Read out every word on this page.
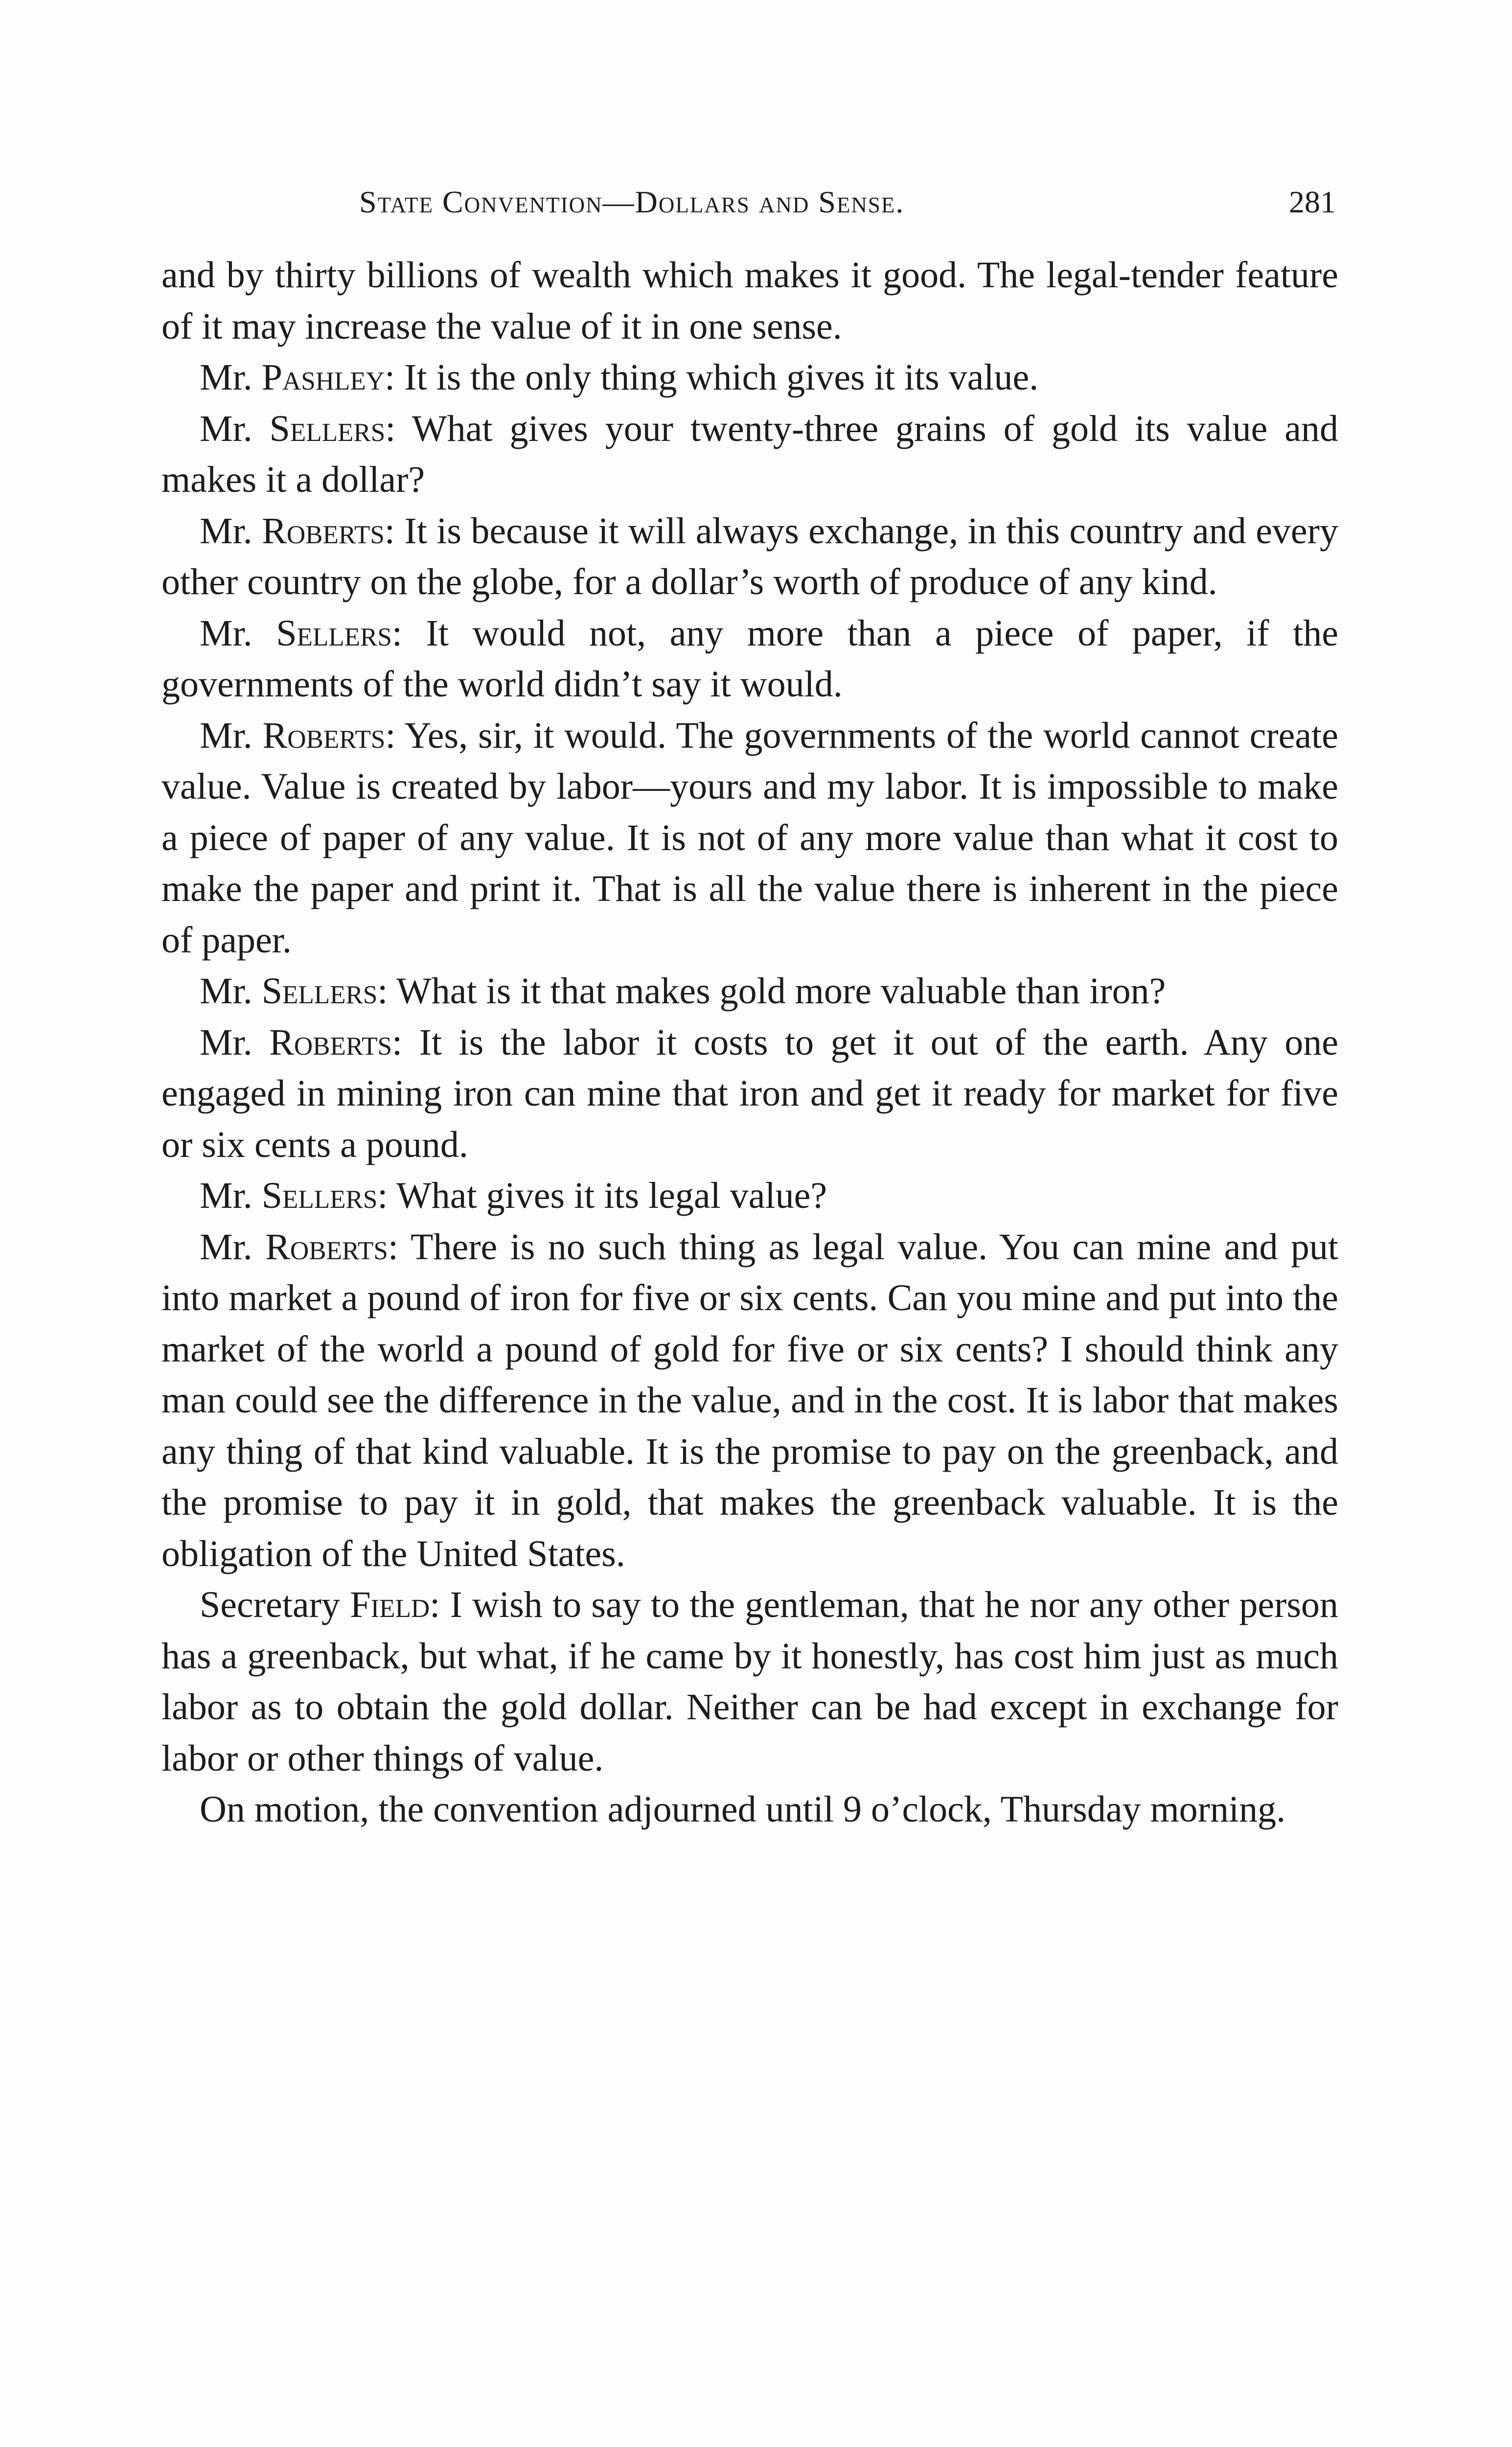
State Convention—Dollars and Sense.	281

and by thirty billions of wealth which makes it good. The legal-tender feature of it may increase the value of it in one sense.

Mr. Pashley: It is the only thing which gives it its value.

Mr. Sellers: What gives your twenty-three grains of gold its value and makes it a dollar?

Mr. Roberts: It is because it will always exchange, in this country and every other country on the globe, for a dollar’s worth of produce of any kind.

Mr. Sellers: It would not, any more than a piece of paper, if the governments of the world didn’t say it would.

Mr. Roberts: Yes, sir, it would. The governments of the world cannot create value. Value is created by labor—yours and my labor. It is impossible to make a piece of paper of any value. It is not of any more value than what it cost to make the paper and print it. That is all the value there is inherent in the piece of paper.

Mr. Sellers: What is it that makes gold more valuable than iron?

Mr. Roberts: It is the labor it costs to get it out of the earth. Any one engaged in mining iron can mine that iron and get it ready for market for five or six cents a pound.

Mr. Sellers: What gives it its legal value?

Mr. Roberts: There is no such thing as legal value. You can mine and put into market a pound of iron for five or six cents. Can you mine and put into the market of the world a pound of gold for five or six cents? I should think any man could see the difference in the value, and in the cost. It is labor that makes any thing of that kind valuable. It is the promise to pay on the greenback, and the promise to pay it in gold, that makes the greenback valuable. It is the obligation of the United States.

Secretary Field: I wish to say to the gentleman, that he nor any other person has a greenback, but what, if he came by it honestly, has cost him just as much labor as to obtain the gold dollar. Neither can be had except in exchange for labor or other things of value.

On motion, the convention adjourned until 9 o’clock, Thursday morning.
